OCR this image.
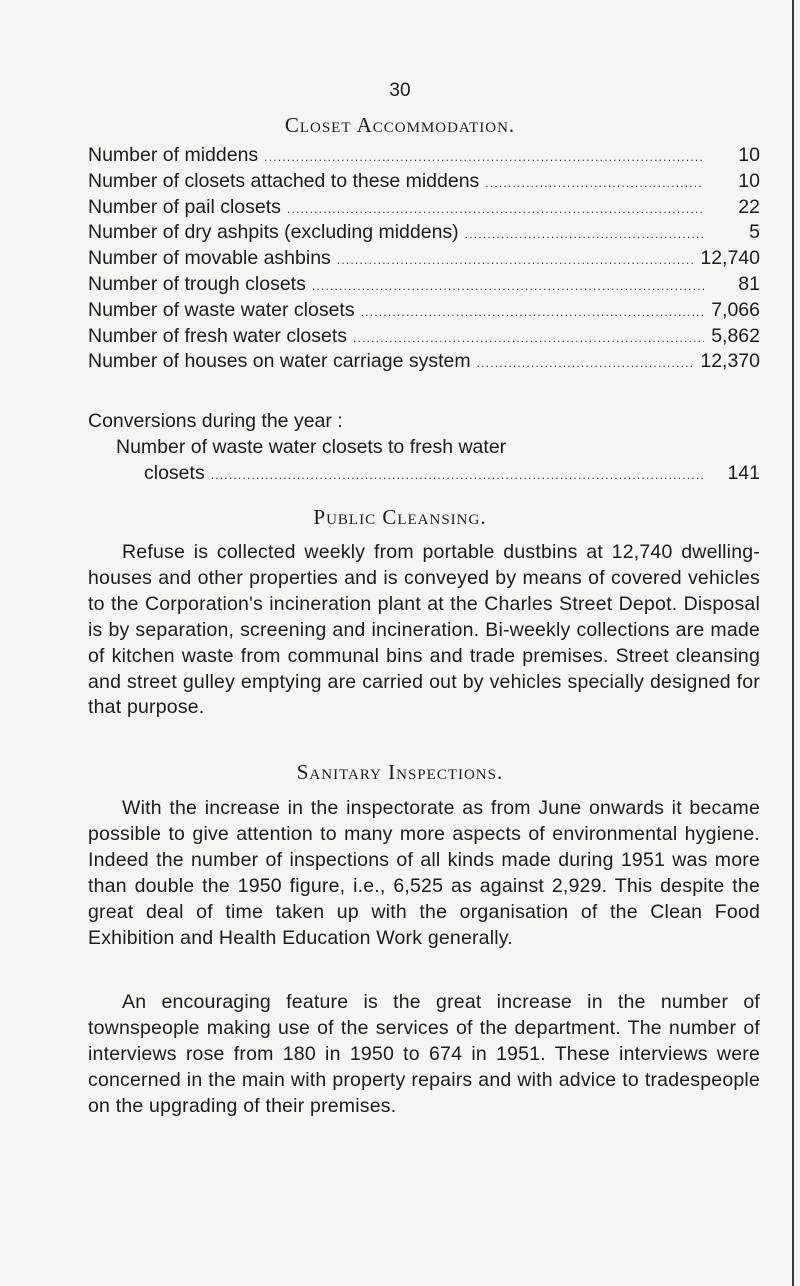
30
Closet Accommodation.
Number of middens .....	10
Number of closets attached to these middens .....	10
Number of pail closets .....	22
Number of dry ashpits (excluding middens) .....	5
Number of movable ashbins .....	12,740
Number of trough closets .....	81
Number of waste water closets .....	7,066
Number of fresh water closets .....	5,862
Number of houses on water carriage system .....	12,370
Conversions during the year :
Number of waste water closets to fresh water
closets .....	141
Public Cleansing.

Refuse is collected weekly from portable dustbins at 12,740 dwelling-houses and other properties and is conveyed by means of covered vehicles to the Corporation's incineration plant at the Charles Street Depot. Disposal is by separation, screening and incineration. Bi-weekly collections are made of kitchen waste from communal bins and trade premises. Street cleansing and street gulley emptying are carried out by vehicles specially designed for that purpose.

Sanitary Inspections.

With the increase in the inspectorate as from June onwards it became possible to give attention to many more aspects of environmental hygiene. Indeed the number of inspections of all kinds made during 1951 was more than double the 1950 figure, i.e., 6,525 as against 2,929. This despite the great deal of time taken up with the organisation of the Clean Food Exhibition and Health Education Work generally.

An encouraging feature is the great increase in the number of townspeople making use of the services of the department. The number of interviews rose from 180 in 1950 to 674 in 1951. These interviews were concerned in the main with property repairs and with advice to tradespeople on the upgrading of their premises.
